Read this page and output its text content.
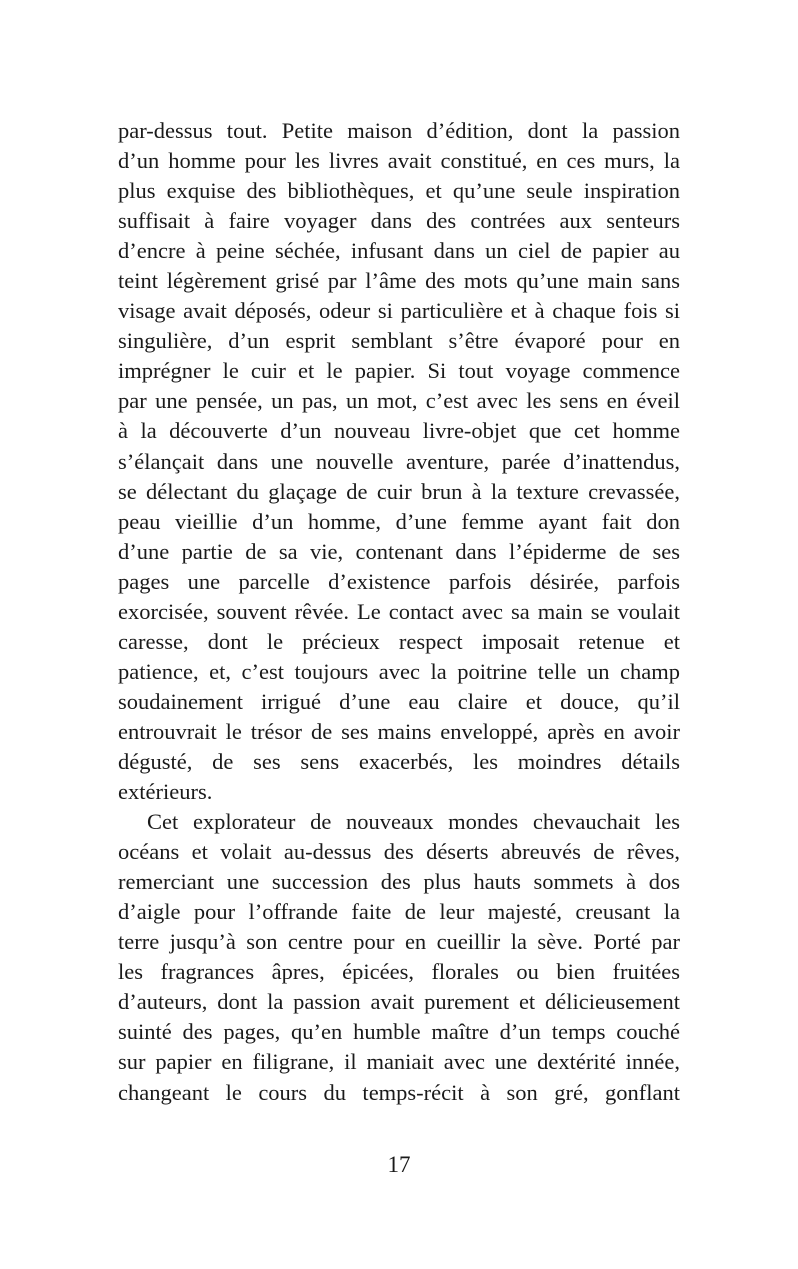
par-dessus tout. Petite maison d’édition, dont la passion
d’un homme pour les livres avait constitué, en ces murs, la
plus exquise des bibliothèques, et qu’une seule inspiration
suffisait à faire voyager dans des contrées aux senteurs
d’encre à peine séchée, infusant dans un ciel de papier au
teint légèrement grisé par l’âme des mots qu’une main sans
visage avait déposés, odeur si particulière et à chaque fois si
singulière, d’un esprit semblant s’être évaporé pour en
imprégner le cuir et le papier. Si tout voyage commence
par une pensée, un pas, un mot, c’est avec les sens en éveil
à la découverte d’un nouveau livre-objet que cet homme
s’élançait dans une nouvelle aventure, parée d’inattendus,
se délectant du glaçage de cuir brun à la texture crevassée,
peau vieillie d’un homme, d’une femme ayant fait don
d’une partie de sa vie, contenant dans l’épiderme de ses
pages une parcelle d’existence parfois désirée, parfois
exorcisée, souvent rêvée. Le contact avec sa main se voulait
caresse, dont le précieux respect imposait retenue et
patience, et, c’est toujours avec la poitrine telle un champ
soudainement irrigué d’une eau claire et douce, qu’il
entrouvrait le trésor de ses mains enveloppé, après en avoir
dégusté, de ses sens exacerbés, les moindres détails
extérieurs.
Cet explorateur de nouveaux mondes chevauchait les
océans et volait au-dessus des déserts abreuvés de rêves,
remerciant une succession des plus hauts sommets à dos
d’aigle pour l’offrande faite de leur majesté, creusant la
terre jusqu’à son centre pour en cueillir la sève. Porté par
les fragrances âpres, épicées, florales ou bien fruitées
d’auteurs, dont la passion avait purement et délicieusement
suinté des pages, qu’en humble maître d’un temps couché
sur papier en filigrane, il maniait avec une dextérité innée,
changeant le cours du temps-récit à son gré, gonflant
17
